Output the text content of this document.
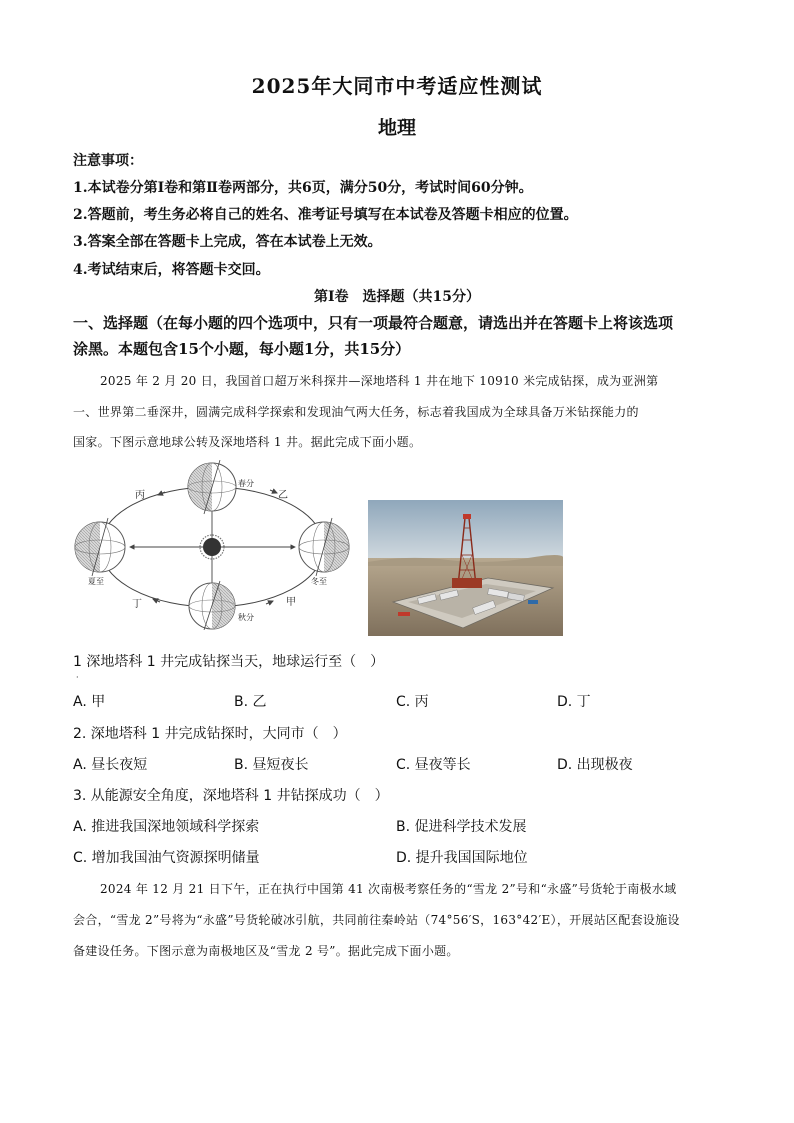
2025年大同市中考适应性测试
地理
注意事项：
1.本试卷分第Ⅰ卷和第Ⅱ卷两部分，共6页，满分50分，考试时间60分钟。
2.答题前，考生务必将自己的姓名、准考证号填写在本试卷及答题卡相应的位置。
3.答案全部在答题卡上完成，答在本试卷上无效。
4.考试结束后，将答题卡交回。
第Ⅰ卷　选择题（共15分）
一、选择题（在每小题的四个选项中，只有一项最符合题意，请选出并在答题卡上将该选项
涂黑。本题包含15个小题，每小题1分，共15分）
2025 年 2 月 20 日，我国首口超万米科探井—深地塔科 1 井在地下 10910 米完成钻探，成为亚洲第
一、世界第二垂深井，圆满完成科学探索和发现油气两大任务，标志着我国成为全球具备万米钻探能力的
国家。下图示意地球公转及深地塔科 1 井。据此完成下面小题。
春分
夏至
秋分
冬至
丙	乙
丁	甲
·
1 深地塔科 1 井完成钻探当天，地球运行至（　）
A. 甲	B. 乙	C. 丙	D. 丁
2. 深地塔科 1 井完成钻探时，大同市（　）
A. 昼长夜短	B. 昼短夜长	C. 昼夜等长	D. 出现极夜
3. 从能源安全角度，深地塔科 1 井钻探成功（　）
A. 推进我国深地领域科学探索	B. 促进科学技术发展
C. 增加我国油气资源探明储量	D. 提升我国国际地位
2024 年 12 月 21 日下午，正在执行中国第 41 次南极考察任务的“雪龙 2”号和“永盛”号货轮于南极水域
会合，“雪龙 2”号将为“永盛”号货轮破冰引航，共同前往秦岭站（74°56′S，163°42′E），开展站区配套设施设
备建设任务。下图示意为南极地区及“雪龙 2 号”。据此完成下面小题。
